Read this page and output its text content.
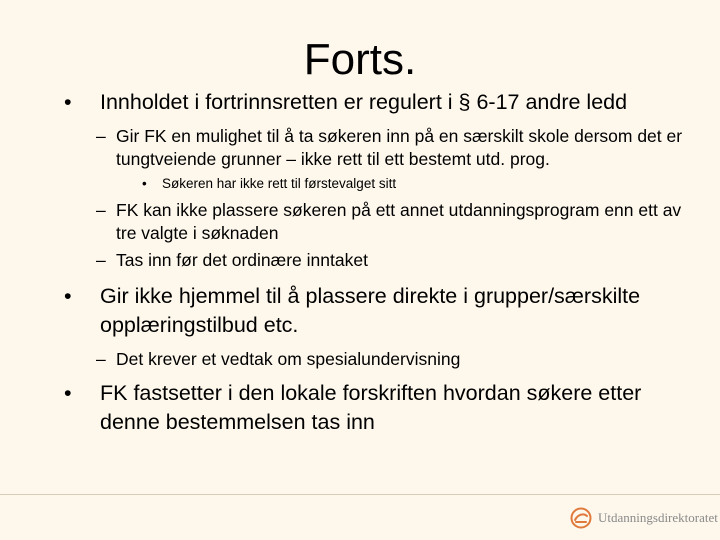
Forts.
• Innholdet i fortrinnsretten er regulert i § 6-17 andre ledd
– Gir FK en mulighet til å ta søkeren inn på en særskilt skole dersom det er tungtveiende grunner – ikke rett til ett bestemt utd. prog.
• Søkeren har ikke rett til førstevalget sitt
– FK kan ikke plassere søkeren på ett annet utdanningsprogram enn ett av tre valgte i søknaden
– Tas inn før det ordinære inntaket
• Gir ikke hjemmel til å plassere direkte i grupper/særskilte opplæringstilbud etc.
– Det krever et vedtak om spesialundervisning
• FK fastsetter i den lokale forskriften hvordan søkere etter denne bestemmelsen tas inn
Utdanningsdirektoratet
